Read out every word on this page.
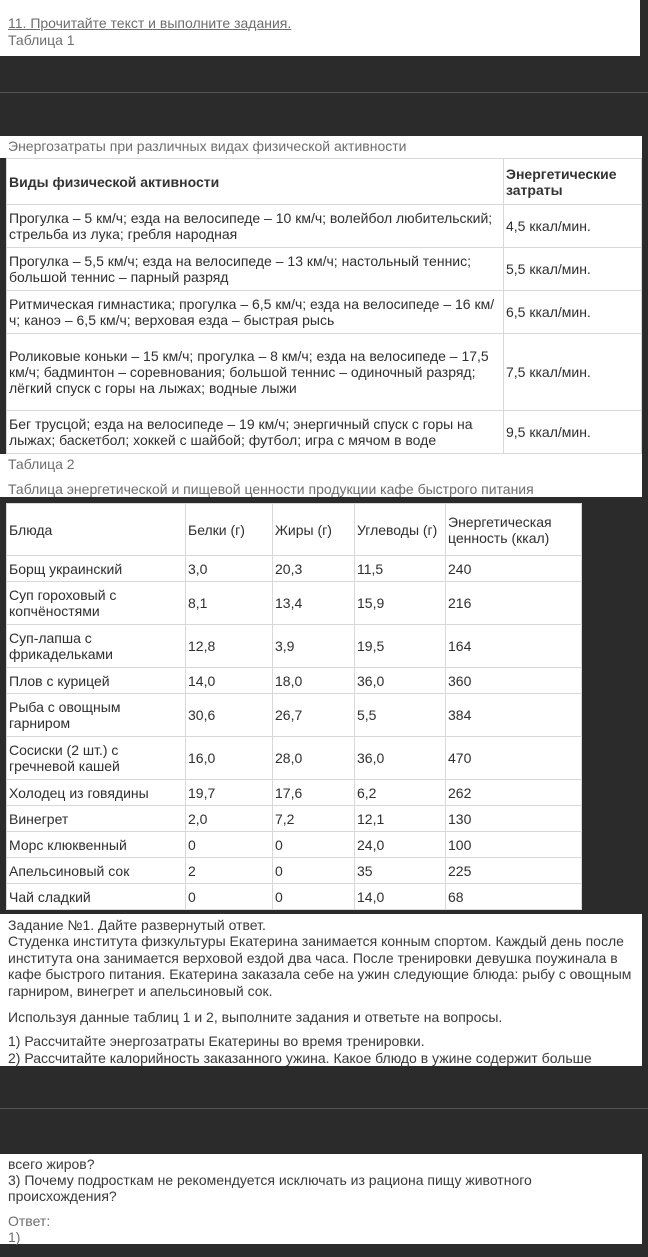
11. Прочитайте текст и выполните задания.
Таблица 1
Энергозатраты при различных видах физической активности
Виды физической активности	Энергетические затраты
Прогулка – 5 км/ч; езда на велосипеде – 10 км/ч; волейбол любительский; стрельба из лука; гребля народная	4,5 ккал/мин.
Прогулка – 5,5 км/ч; езда на велосипеде – 13 км/ч; настольный теннис; большой теннис – парный разряд	5,5 ккал/мин.
Ритмическая гимнастика; прогулка – 6,5 км/ч; езда на велосипеде – 16 км/ч; каноэ – 6,5 км/ч; верховая езда – быстрая рысь	6,5 ккал/мин.
Роликовые коньки – 15 км/ч; прогулка – 8 км/ч; езда на велосипеде – 17,5 км/ч; бадминтон – соревнования; большой теннис – одиночный разряд; лёгкий спуск с горы на лыжах; водные лыжи	7,5 ккал/мин.
Бег трусцой; езда на велосипеде – 19 км/ч; энергичный спуск с горы на лыжах; баскетбол; хоккей с шайбой; футбол; игра с мячом в воде	9,5 ккал/мин.
Таблица 2
Таблица энергетической и пищевой ценности продукции кафе быстрого питания
Блюда	Белки (г)	Жиры (г)	Углеводы (г)	Энергетическая ценность (ккал)
Борщ украинский	3,0	20,3	11,5	240
Суп гороховый с копчёностями	8,1	13,4	15,9	216
Суп-лапша с фрикадельками	12,8	3,9	19,5	164
Плов с курицей	14,0	18,0	36,0	360
Рыба с овощным гарниром	30,6	26,7	5,5	384
Сосиски (2 шт.) с гречневой кашей	16,0	28,0	36,0	470
Холодец из говядины	19,7	17,6	6,2	262
Винегрет	2,0	7,2	12,1	130
Морс клюквенный	0	0	24,0	100
Апельсиновый сок	2	0	35	225
Чай сладкий	0	0	14,0	68
Задание №1. Дайте развернутый ответ.
Студенка института физкультуры Екатерина занимается конным спортом. Каждый день после института она занимается верховой ездой два часа. После тренировки девушка поужинала в кафе быстрого питания. Екатерина заказала себе на ужин следующие блюда: рыбу с овощным гарниром, винегрет и апельсиновый сок.
Используя данные таблиц 1 и 2, выполните задания и ответьте на вопросы.
1) Рассчитайте энергозатраты Екатерины во время тренировки.
2) Рассчитайте калорийность заказанного ужина. Какое блюдо в ужине содержит больше
всего жиров?
3) Почему подросткам не рекомендуется исключать из рациона пищу животного происхождения?
Ответ:
1)
